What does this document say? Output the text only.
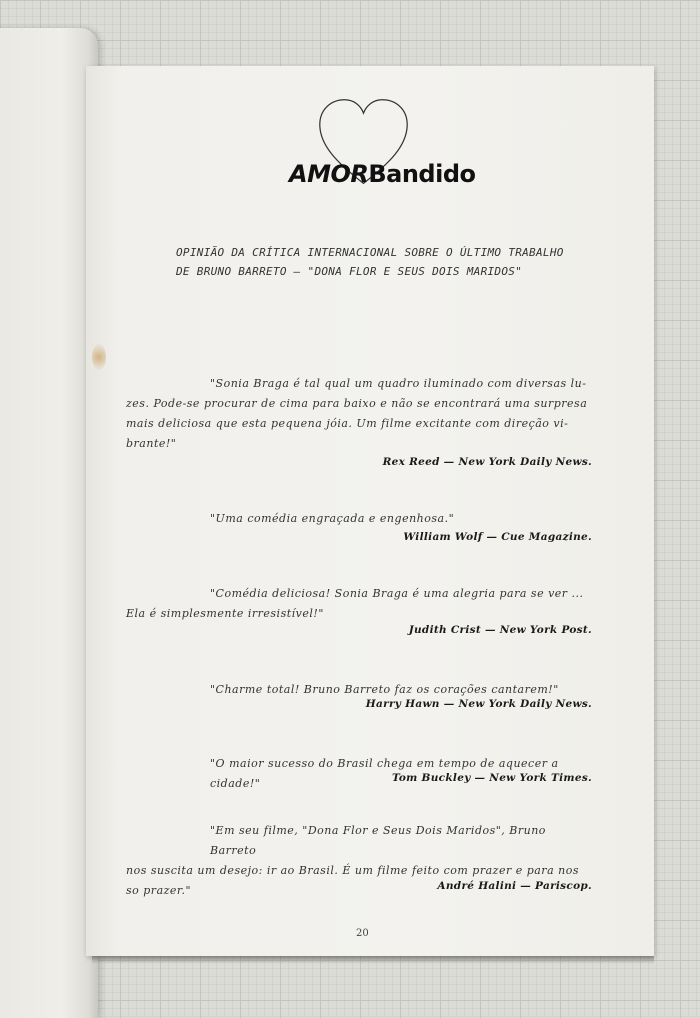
AMORBandido
OPINIÃO DA CRÍTICA INTERNACIONAL SOBRE O ÚLTIMO TRABALHO
DE BRUNO BARRETO — "DONA FLOR E SEUS DOIS MARIDOS"

"Sonia Braga é tal qual um quadro iluminado com diversas lu-

zes. Pode-se procurar de cima para baixo e não se encontrará uma surpresa

mais deliciosa que esta pequena jóia. Um filme excitante com direção vi-

brante!"

Rex Reed — New York Daily News.

"Uma comédia engraçada e engenhosa."

William Wolf — Cue Magazine.

"Comédia deliciosa! Sonia Braga é uma alegria para se ver ...

Ela é simplesmente irresistível!"

Judith Crist — New York Post.

"Charme total! Bruno Barreto faz os corações cantarem!"

Harry Hawn — New York Daily News.

"O maior sucesso do Brasil chega em tempo de aquecer a cidade!"	Tom Buckley — New York Times.

"Em seu filme, "Dona Flor e Seus Dois Maridos", Bruno Barreto

nos suscita um desejo: ir ao Brasil. É um filme feito com prazer e para nos

so prazer."	André Halini — Pariscop.
20
